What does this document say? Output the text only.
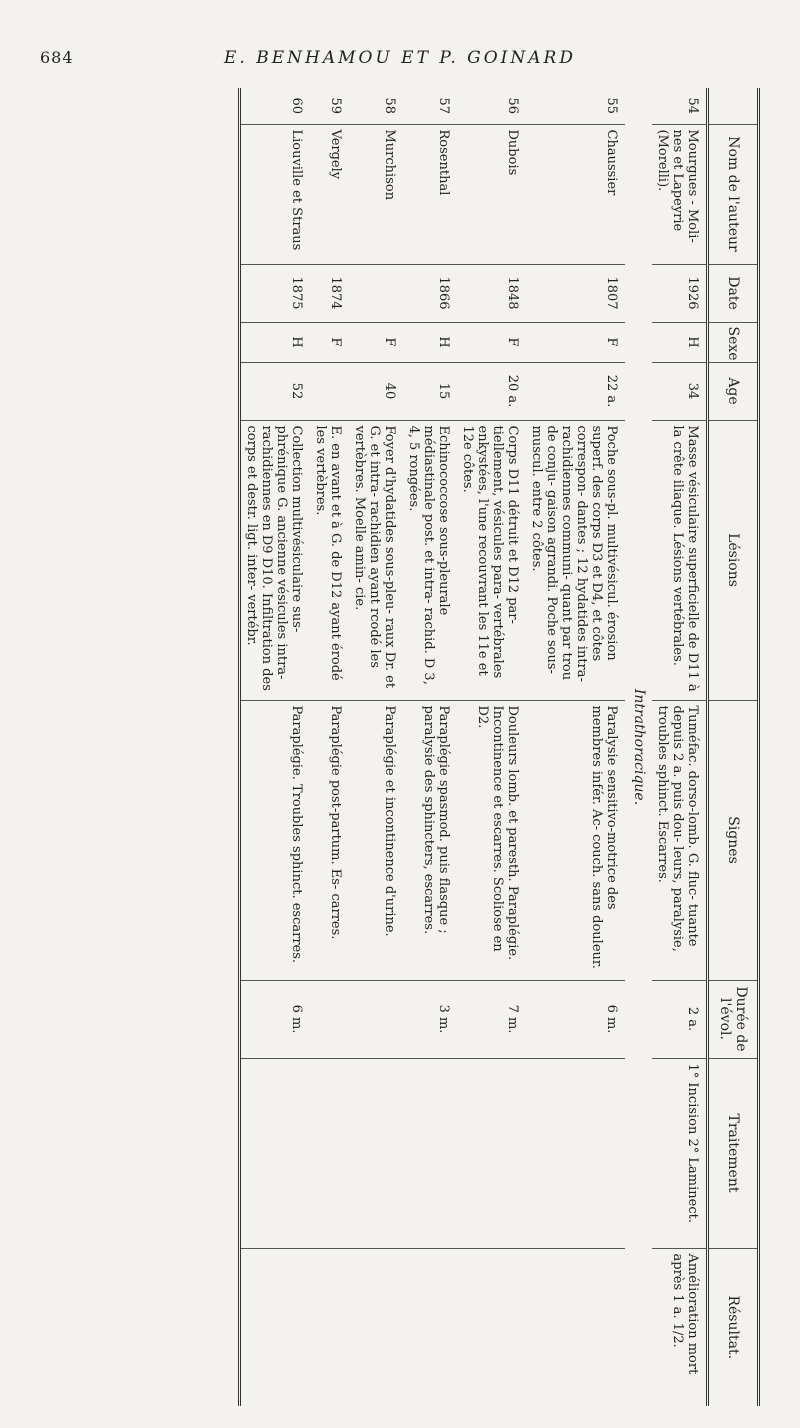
684	E. BENHAMOU ET P. GOINARD
	Nom de l'auteur	Date	Sexe	Age	Lésions	Signes	Durée de l'évol.	Traitement	Résultat.
54	Mourgues - Moli- nes et Lapeyrie (Morelli).	1926	H	34	Masse vésiculaire superficielle de D11 à la crête iliaque. Lésions vertébrales.	Tuméfac. dorso-lomb. G. fluc- tuante depuis 2 a. puis dou- leurs, paralysie, troubles sphinct. Escarres.	2 a.	1° Incision 2° Laminect.	Amélioration mort après 1 a. 1/2.
Intrathoracique.									
55	Chaussier	1807	F	22 a.	Poche sous-pl. multivésicul. érosion superf. des corps D3 et D4, et côtes correspon- dantes ; 12 hydatides intra- rachidiennes communi- quant par trou de conju- gaison agrandi. Poche sous-muscul. entre 2 côtes.	Paralysie sensitivo-motrice des membres infér. Ac- couch. sans douleur.	6 m.		
56	Dubois	1848	F	20 a.	Corps D11 détruit et D12 par- tiellement, vésicules para- vertébrales enkystées, l'une recouvrant les 11e et 12e côtes.	Douleurs lomb. et paresth. Paraplégie. Incontinence et escarres. Scoliose en D2.	7 m.		
57	Rosenthal	1866	H	15	Echinococcose sous-pleurale médiastinale post. et intra- rachid. D 3, 4, 5 rongées.	Paraplégie spasmod. puis flasque ; paralysie des sphincters, escarres.	3 m.		
58	Murchison		F	40	Foyer d'hydatides sous-pleu- raux Dr. et G. et intra- rachidien ayant rcodé les vertèbres. Moelle amin- cie.	Paraplégie et incontinence d'urine.			
59	Vergely	1874	F		E. en avant et à G. de D12 ayant érodé les vertèbres.	Paraplégie post-partum. Es- carres.			
60	Liouville et Straus	1875	H	52	Collection multivésiculaire sus-phrénique G. ancienne vésicules intra-rachidiennes en D9 D10. Infiltration des corps et destr. ligt. inter- vertébr.	Paraplégie. Troubles sphinct. escarres.	6 m.		
